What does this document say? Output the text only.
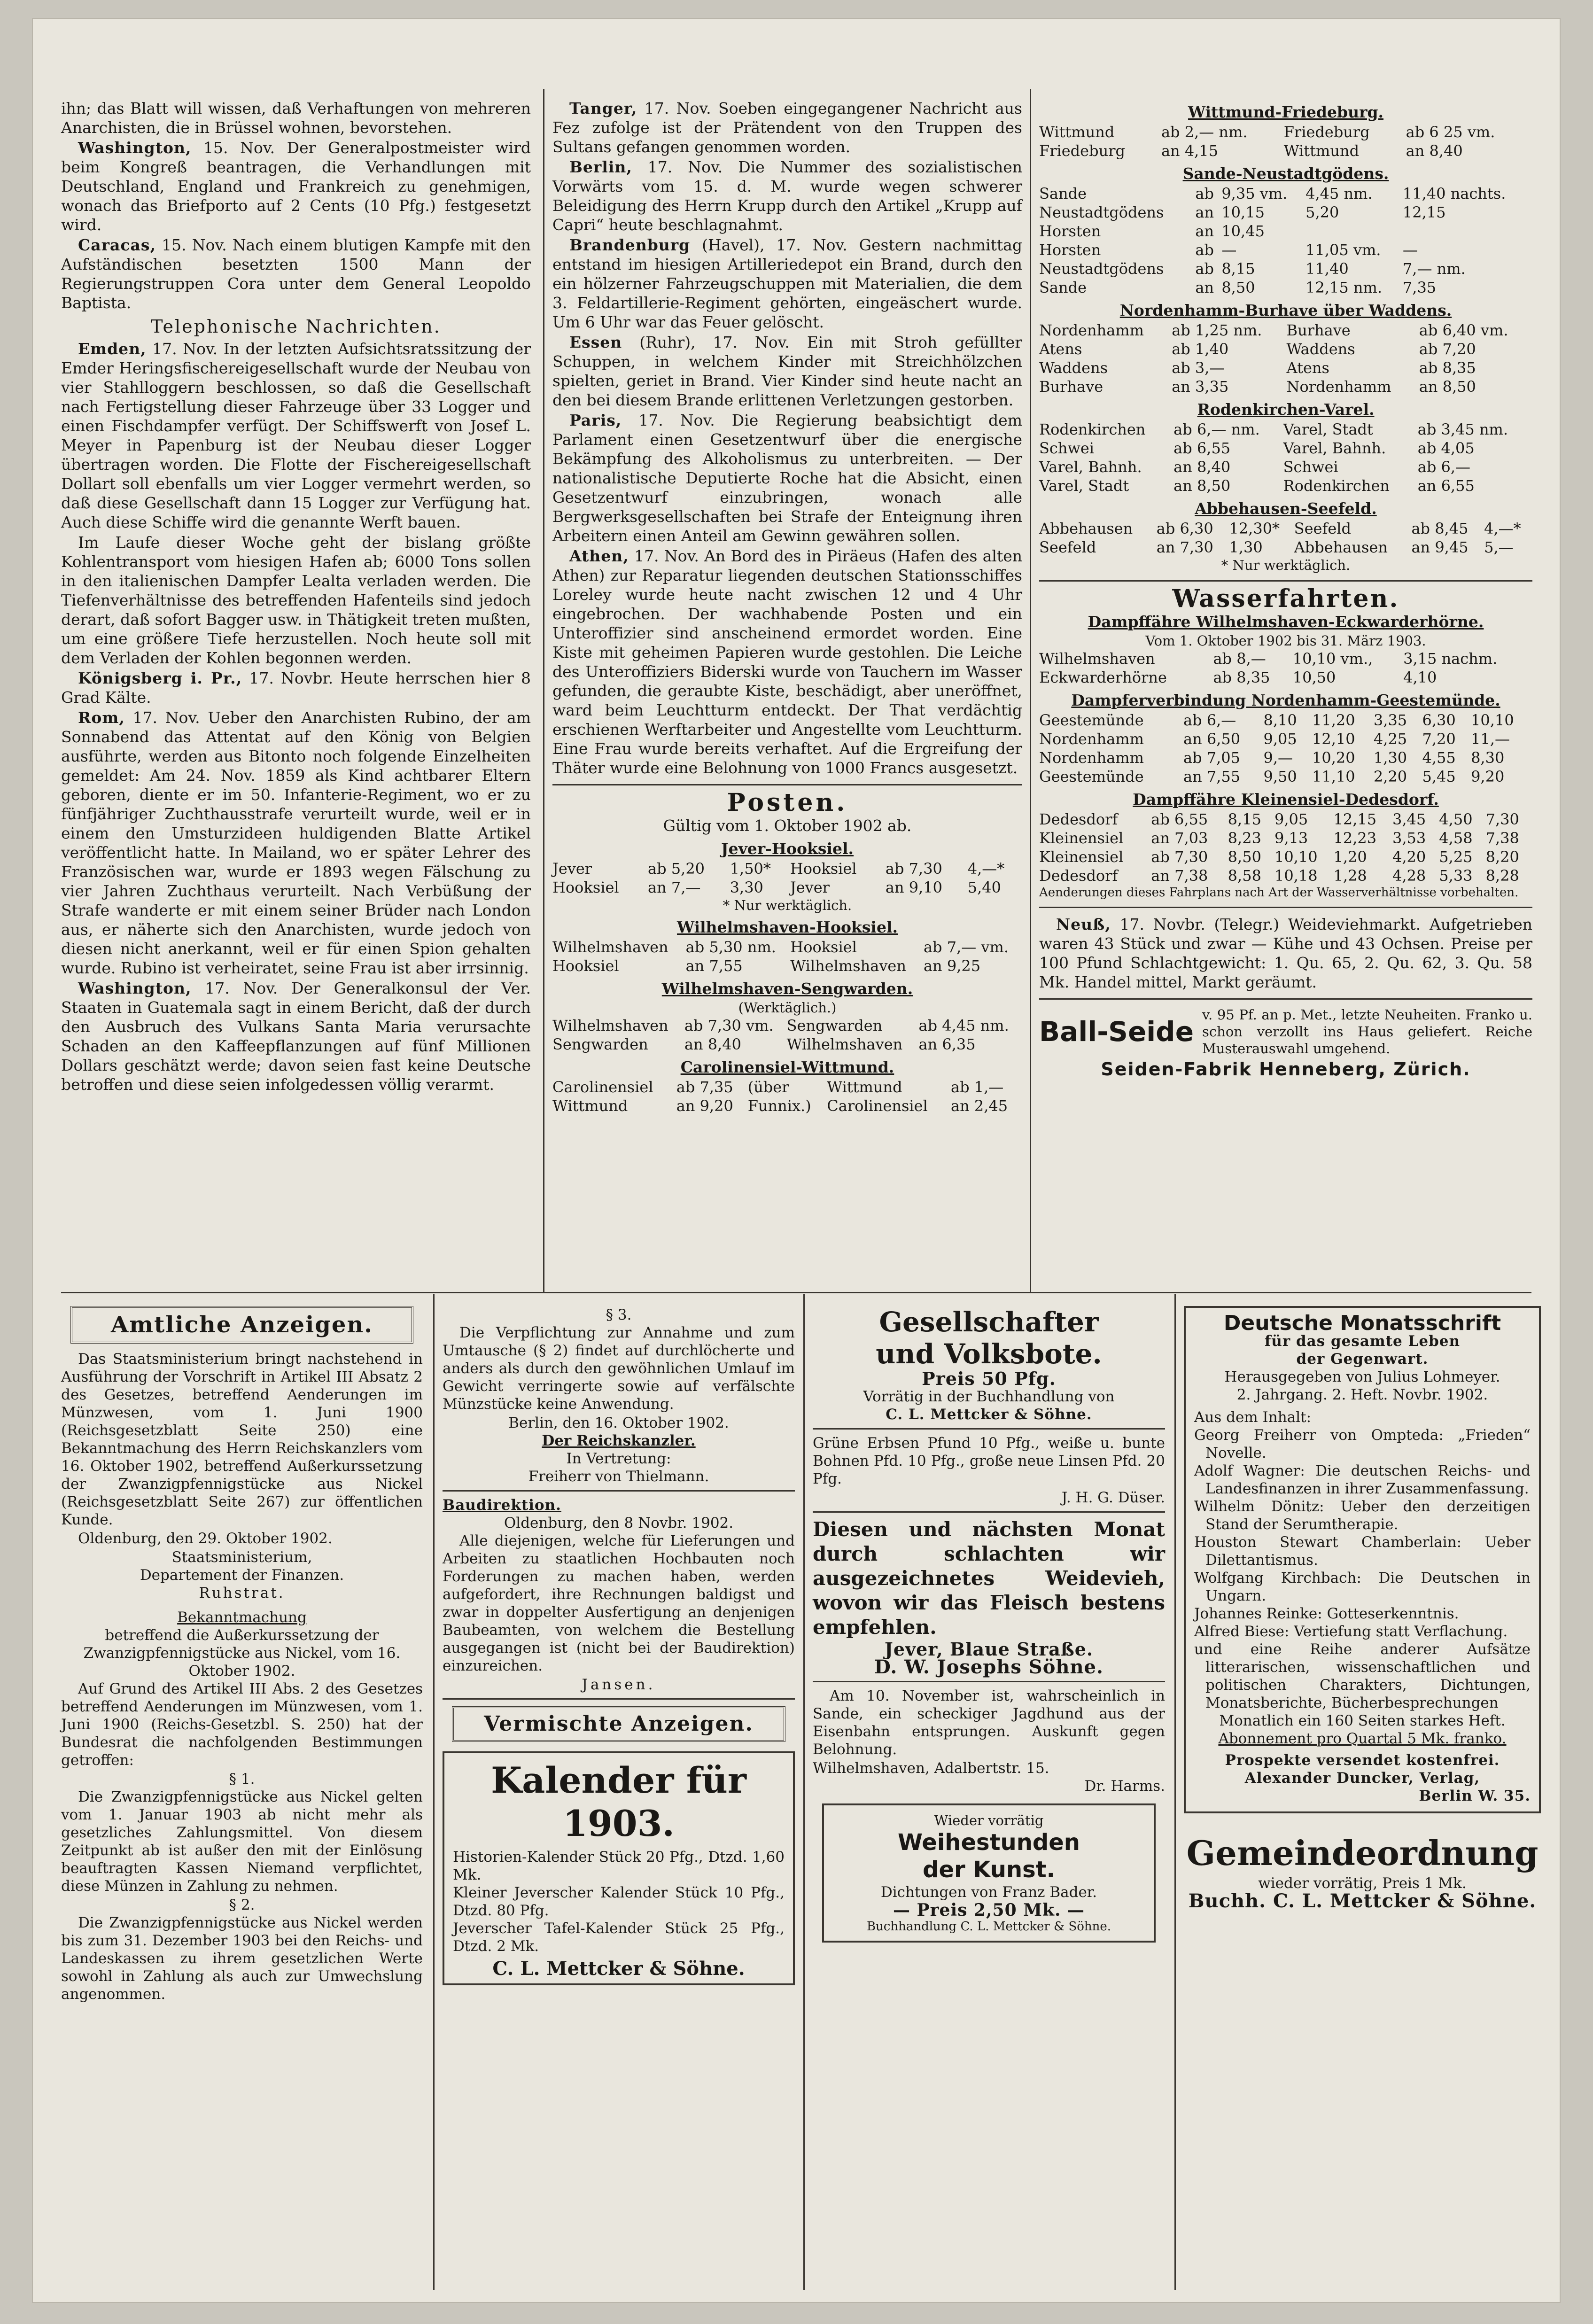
ihn; das Blatt will wissen, daß Verhaftungen von mehreren Anarchisten, die in Brüssel wohnen, bevorstehen.

Washington, 15. Nov. Der Generalpostmeister wird beim Kongreß beantragen, die Verhandlungen mit Deutschland, England und Frankreich zu genehmigen, wonach das Briefporto auf 2 Cents (10 Pfg.) festgesetzt wird.

Caracas, 15. Nov. Nach einem blutigen Kampfe mit den Aufständischen besetzten 1500 Mann der Regierungstruppen Cora unter dem General Leopoldo Baptista.

Telephonische Nachrichten.

Emden, 17. Nov. In der letzten Aufsichtsratssitzung der Emder Heringsfischereigesellschaft wurde der Neubau von vier Stahlloggern beschlossen, so daß die Gesellschaft nach Fertigstellung dieser Fahrzeuge über 33 Logger und einen Fischdampfer verfügt. Der Schiffswerft von Josef L. Meyer in Papenburg ist der Neubau dieser Logger übertragen worden. Die Flotte der Fischereigesellschaft Dollart soll ebenfalls um vier Logger vermehrt werden, so daß diese Gesellschaft dann 15 Logger zur Verfügung hat. Auch diese Schiffe wird die genannte Werft bauen.

Im Laufe dieser Woche geht der bislang größte Kohlentransport vom hiesigen Hafen ab; 6000 Tons sollen in den italienischen Dampfer Lealta verladen werden. Die Tiefenverhältnisse des betreffenden Hafenteils sind jedoch derart, daß sofort Bagger usw. in Thätigkeit treten mußten, um eine größere Tiefe herzustellen. Noch heute soll mit dem Verladen der Kohlen begonnen werden.

Königsberg i. Pr., 17. Novbr. Heute herrschen hier 8 Grad Kälte.

Rom, 17. Nov. Ueber den Anarchisten Rubino, der am Sonnabend das Attentat auf den König von Belgien ausführte, werden aus Bitonto noch folgende Einzelheiten gemeldet: Am 24. Nov. 1859 als Kind achtbarer Eltern geboren, diente er im 50. Infanterie-Regiment, wo er zu fünfjähriger Zuchthausstrafe verurteilt wurde, weil er in einem den Umsturzideen huldigenden Blatte Artikel veröffentlicht hatte. In Mailand, wo er später Lehrer des Französischen war, wurde er 1893 wegen Fälschung zu vier Jahren Zuchthaus verurteilt. Nach Verbüßung der Strafe wanderte er mit einem seiner Brüder nach London aus, er näherte sich den Anarchisten, wurde jedoch von diesen nicht anerkannt, weil er für einen Spion gehalten wurde. Rubino ist verheiratet, seine Frau ist aber irrsinnig.

Washington, 17. Nov. Der Generalkonsul der Ver. Staaten in Guatemala sagt in einem Bericht, daß der durch den Ausbruch des Vulkans Santa Maria verursachte Schaden an den Kaffeepflanzungen auf fünf Millionen Dollars geschätzt werde; davon seien fast keine Deutsche betroffen und diese seien infolgedessen völlig verarmt.

Tanger, 17. Nov. Soeben eingegangener Nachricht aus Fez zufolge ist der Prätendent von den Truppen des Sultans gefangen genommen worden.

Berlin, 17. Nov. Die Nummer des sozialistischen Vorwärts vom 15. d. M. wurde wegen schwerer Beleidigung des Herrn Krupp durch den Artikel „Krupp auf Capri“ heute beschlagnahmt.

Brandenburg (Havel), 17. Nov. Gestern nachmittag entstand im hiesigen Artilleriedepot ein Brand, durch den ein hölzerner Fahrzeugschuppen mit Materialien, die dem 3. Feldartillerie-Regiment gehörten, eingeäschert wurde. Um 6 Uhr war das Feuer gelöscht.

Essen (Ruhr), 17. Nov. Ein mit Stroh gefüllter Schuppen, in welchem Kinder mit Streichhölzchen spielten, geriet in Brand. Vier Kinder sind heute nacht an den bei diesem Brande erlittenen Verletzungen gestorben.

Paris, 17. Nov. Die Regierung beabsichtigt dem Parlament einen Gesetzentwurf über die energische Bekämpfung des Alkoholismus zu unterbreiten. — Der nationalistische Deputierte Roche hat die Absicht, einen Gesetzentwurf einzubringen, wonach alle Bergwerksgesellschaften bei Strafe der Enteignung ihren Arbeitern einen Anteil am Gewinn gewähren sollen.

Athen, 17. Nov. An Bord des in Piräeus (Hafen des alten Athen) zur Reparatur liegenden deutschen Stationsschiffes Loreley wurde heute nacht zwischen 12 und 4 Uhr eingebrochen. Der wachhabende Posten und ein Unteroffizier sind anscheinend ermordet worden. Eine Kiste mit geheimen Papieren wurde gestohlen. Die Leiche des Unteroffiziers Biderski wurde von Tauchern im Wasser gefunden, die geraubte Kiste, beschädigt, aber uneröffnet, ward beim Leuchtturm entdeckt. Der That verdächtig erschienen Werftarbeiter und Angestellte vom Leuchtturm. Eine Frau wurde bereits verhaftet. Auf die Ergreifung der Thäter wurde eine Belohnung von 1000 Francs ausgesetzt.

Posten.
Gültig vom 1. Oktober 1902 ab.
Jever-Hooksiel.
Jever	ab 5,20	1,50*	Hooksiel	ab 7,30	4,—*
Hooksiel	an 7,—	3,30	Jever	an 9,10	5,40
* Nur werktäglich.
Wilhelmshaven-Hooksiel.
Wilhelmshaven	ab 5,30 nm.	Hooksiel	ab 7,— vm.
Hooksiel	an 7,55	Wilhelmshaven	an 9,25
Wilhelmshaven-Sengwarden.
(Werktäglich.)
Wilhelmshaven	ab 7,30 vm.	Sengwarden	ab 4,45 nm.
Sengwarden	an 8,40	Wilhelmshaven	an 6,35
Carolinensiel-Wittmund.
Carolinensiel	ab 7,35	(über	Wittmund	ab 1,—
Wittmund	an 9,20	Funnix.)	Carolinensiel	an 2,45
Wittmund-Friedeburg.
Wittmund	ab 2,— nm.	Friedeburg	ab 6 25 vm.
Friedeburg	an 4,15	Wittmund	an 8,40
Sande-Neustadtgödens.
Sande	ab	9,35 vm.	4,45 nm.	11,40 nachts.
Neustadtgödens	an	10,15	5,20	12,15
Horsten	an	10,45		
Horsten	ab	—	11,05 vm.	—
Neustadtgödens	ab	8,15	11,40	7,— nm.
Sande	an	8,50	12,15 nm.	7,35
Nordenhamm-Burhave über Waddens.
Nordenhamm	ab 1,25 nm.	Burhave	ab 6,40 vm.
Atens	ab 1,40	Waddens	ab 7,20
Waddens	ab 3,—	Atens	ab 8,35
Burhave	an 3,35	Nordenhamm	an 8,50
Rodenkirchen-Varel.
Rodenkirchen	ab 6,— nm.	Varel, Stadt	ab 3,45 nm.
Schwei	ab 6,55	Varel, Bahnh.	ab 4,05
Varel, Bahnh.	an 8,40	Schwei	ab 6,—
Varel, Stadt	an 8,50	Rodenkirchen	an 6,55
Abbehausen-Seefeld.
Abbehausen	ab 6,30	12,30*	Seefeld	ab 8,45	4,—*
Seefeld	an 7,30	1,30	Abbehausen	an 9,45	5,—
* Nur werktäglich.
Wasserfahrten.
Dampffähre Wilhelmshaven-Eckwarderhörne.
Vom 1. Oktober 1902 bis 31. März 1903.
Wilhelmshaven	ab 8,—	10,10 vm.,	3,15 nachm.
Eckwarderhörne	ab 8,35	10,50	4,10
Dampferverbindung Nordenhamm-Geestemünde.
Geestemünde	ab 6,—	8,10	11,20	3,35	6,30	10,10
Nordenhamm	an 6,50	9,05	12,10	4,25	7,20	11,—
Nordenhamm	ab 7,05	9,—	10,20	1,30	4,55	8,30
Geestemünde	an 7,55	9,50	11,10	2,20	5,45	9,20
Dampffähre Kleinensiel-Dedesdorf.
Dedesdorf	ab 6,55	8,15	9,05	12,15	3,45	4,50	7,30
Kleinensiel	an 7,03	8,23	9,13	12,23	3,53	4,58	7,38
Kleinensiel	ab 7,30	8,50	10,10	1,20	4,20	5,25	8,20
Dedesdorf	an 7,38	8,58	10,18	1,28	4,28	5,33	8,28
Aenderungen dieses Fahrplans nach Art der Wasserverhältnisse vorbehalten.

Neuß, 17. Novbr. (Telegr.) Weideviehmarkt. Aufgetrieben waren 43 Stück und zwar — Kühe und 43 Ochsen. Preise per 100 Pfund Schlachtgewicht: 1. Qu. 65, 2. Qu. 62, 3. Qu. 58 Mk. Handel mittel, Markt geräumt.

Ball-Seide
v. 95 Pf. an p. Met., letzte Neuheiten. Franko u. schon verzollt ins Haus geliefert. Reiche Musterauswahl umgehend.
Seiden-Fabrik Henneberg, Zürich.
Amtliche Anzeigen.

Das Staatsministerium bringt nachstehend in Ausführung der Vorschrift in Artikel III Absatz 2 des Gesetzes, betreffend Aenderungen im Münzwesen, vom 1. Juni 1900 (Reichsgesetzblatt Seite 250) eine Bekanntmachung des Herrn Reichskanzlers vom 16. Oktober 1902, betreffend Außerkurssetzung der Zwanzigpfennigstücke aus Nickel (Reichsgesetzblatt Seite 267) zur öffentlichen Kunde.

Oldenburg, den 29. Oktober 1902.

Staatsministerium,
Departement der Finanzen.
Ruhstrat.
Bekanntmachung
betreffend die Außerkurssetzung der Zwanzigpfennigstücke aus Nickel, vom 16. Oktober 1902.

Auf Grund des Artikel III Abs. 2 des Gesetzes betreffend Aenderungen im Münzwesen, vom 1. Juni 1900 (Reichs-Gesetzbl. S. 250) hat der Bundesrat die nachfolgenden Bestimmungen getroffen:

§ 1.

Die Zwanzigpfennigstücke aus Nickel gelten vom 1. Januar 1903 ab nicht mehr als gesetzliches Zahlungsmittel. Von diesem Zeitpunkt ab ist außer den mit der Einlösung beauftragten Kassen Niemand verpflichtet, diese Münzen in Zahlung zu nehmen.

§ 2.

Die Zwanzigpfennigstücke aus Nickel werden bis zum 31. Dezember 1903 bei den Reichs- und Landeskassen zu ihrem gesetzlichen Werte sowohl in Zahlung als auch zur Umwechslung angenommen.

§ 3.

Die Verpflichtung zur Annahme und zum Umtausche (§ 2) findet auf durchlöcherte und anders als durch den gewöhnlichen Umlauf im Gewicht verringerte sowie auf verfälschte Münzstücke keine Anwendung.

Berlin, den 16. Oktober 1902.
Der Reichskanzler.
In Vertretung:
Freiherr von Thielmann.
Baudirektion.
Oldenburg, den 8 Novbr. 1902.

Alle diejenigen, welche für Lieferungen und Arbeiten zu staatlichen Hochbauten noch Forderungen zu machen haben, werden aufgefordert, ihre Rechnungen baldigst und zwar in doppelter Ausfertigung an denjenigen Baubeamten, von welchem die Bestellung ausgegangen ist (nicht bei der Baudirektion) einzureichen.

Jansen.
Vermischte Anzeigen.
Kalender für 1903.
Historien-Kalender Stück 20 Pfg., Dtzd. 1,60 Mk.
Kleiner Jeverscher Kalender Stück 10 Pfg., Dtzd. 80 Pfg.
Jeverscher Tafel-Kalender Stück 25 Pfg., Dtzd. 2 Mk.
C. L. Mettcker & Söhne.
Gesellschafter
und Volksbote.
Preis 50 Pfg.
Vorrätig in der Buchhandlung von
C. L. Mettcker & Söhne.

Grüne Erbsen Pfund 10 Pfg., weiße u. bunte Bohnen Pfd. 10 Pfg., große neue Linsen Pfd. 20 Pfg.

J. H. G. Düser.

Diesen und nächsten Monat durch schlachten wir ausgezeichnetes Weidevieh, wovon wir das Fleisch bestens empfehlen.

Jever, Blaue Straße.
D. W. Josephs Söhne.

Am 10. November ist, wahrscheinlich in Sande, ein scheckiger Jagdhund aus der Eisenbahn entsprungen. Auskunft gegen Belohnung.

Wilhelmshaven, Adalbertstr. 15.
Dr. Harms.
Wieder vorrätig
Weihestunden
der Kunst.
Dichtungen von Franz Bader.
— Preis 2,50 Mk. —
Buchhandlung C. L. Mettcker & Söhne.
Deutsche Monatsschrift
für das gesamte Leben
der Gegenwart.
Herausgegeben von Julius Lohmeyer.
2. Jahrgang. 2. Heft. Novbr. 1902.
Aus dem Inhalt:
Georg Freiherr von Ompteda: „Frieden“ Novelle.
Adolf Wagner: Die deutschen Reichs- und Landesfinanzen in ihrer Zusammenfassung.
Wilhelm Dönitz: Ueber den derzeitigen Stand der Serumtherapie.
Houston Stewart Chamberlain: Ueber Dilettantismus.
Wolfgang Kirchbach: Die Deutschen in Ungarn.
Johannes Reinke: Gotteserkenntnis.
Alfred Biese: Vertiefung statt Verflachung.
und eine Reihe anderer Aufsätze litterarischen, wissenschaftlichen und politischen Charakters, Dichtungen, Monatsberichte, Bücherbesprechungen
Monatlich ein 160 Seiten starkes Heft.
Abonnement pro Quartal 5 Mk. franko.
Prospekte versendet kostenfrei.
Alexander Duncker, Verlag,
Berlin W. 35.
Gemeindeordnung
wieder vorrätig, Preis 1 Mk.
Buchh. C. L. Mettcker & Söhne.
